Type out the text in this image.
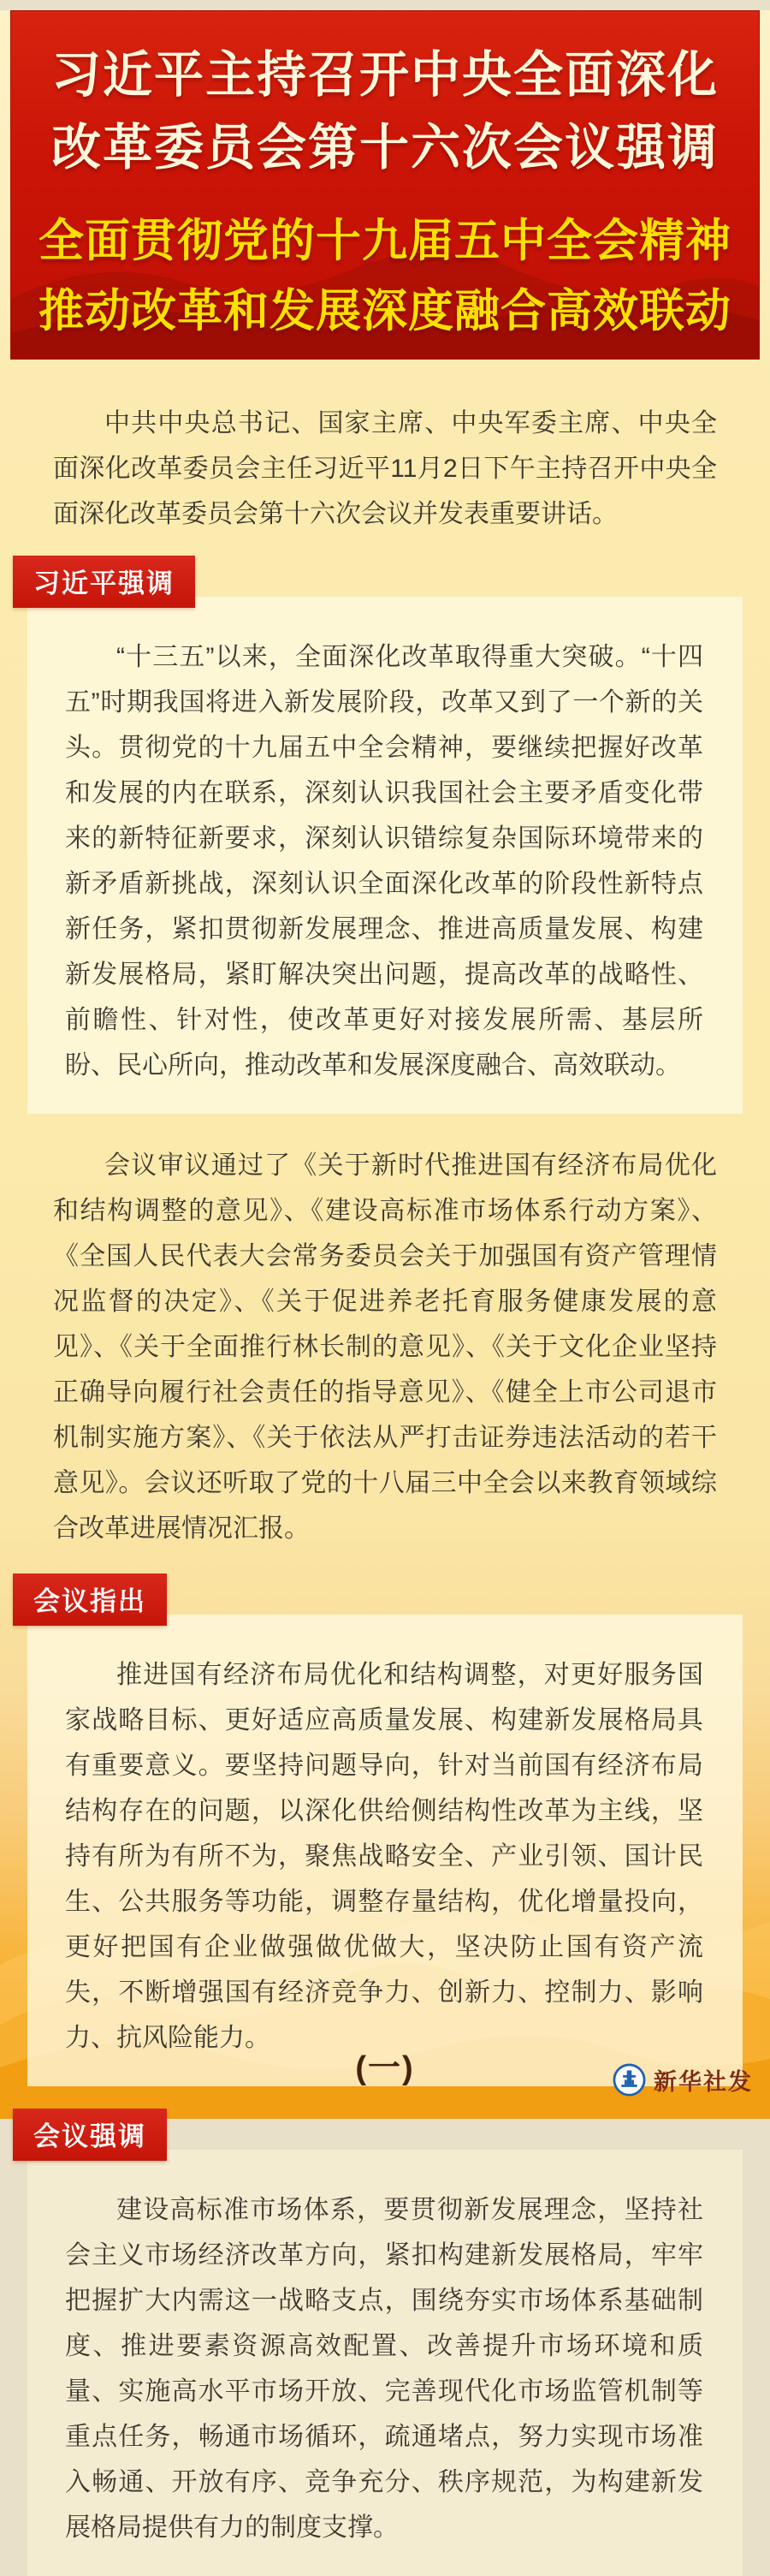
习近平主持召开中央全面深化
改革委员会第十六次会议强调
全面贯彻党的十九届五中全会精神
推动改革和发展深度融合高效联动

中共中央总书记、国家主席、中央军委主席、中央全面深化改革委员会主任习近平11月2日下午主持召开中央全面深化改革委员会第十六次会议并发表重要讲话。

习近平强调

“十三五”以来，全面深化改革取得重大突破。“十四五”时期我国将进入新发展阶段，改革又到了一个新的关头。贯彻党的十九届五中全会精神，要继续把握好改革和发展的内在联系，深刻认识我国社会主要矛盾变化带来的新特征新要求，深刻认识错综复杂国际环境带来的新矛盾新挑战，深刻认识全面深化改革的阶段性新特点新任务，紧扣贯彻新发展理念、推进高质量发展、构建新发展格局，紧盯解决突出问题，提高改革的战略性、前瞻性、针对性，使改革更好对接发展所需、基层所盼、民心所向，推动改革和发展深度融合、高效联动。

会议审议通过了《关于新时代推进国有经济布局优化和结构调整的意见》、《建设高标准市场体系行动方案》、《全国人民代表大会常务委员会关于加强国有资产管理情况监督的决定》、《关于促进养老托育服务健康发展的意见》、《关于全面推行林长制的意见》、《关于文化企业坚持正确导向履行社会责任的指导意见》、《健全上市公司退市机制实施方案》、《关于依法从严打击证券违法活动的若干意见》。会议还听取了党的十八届三中全会以来教育领域综合改革进展情况汇报。

会议指出

推进国有经济布局优化和结构调整，对更好服务国家战略目标、更好适应高质量发展、构建新发展格局具有重要意义。要坚持问题导向，针对当前国有经济布局结构存在的问题，以深化供给侧结构性改革为主线，坚持有所为有所不为，聚焦战略安全、产业引领、国计民生、公共服务等功能，调整存量结构，优化增量投向，更好把国有企业做强做优做大，坚决防止国有资产流失，不断增强国有经济竞争力、创新力、控制力、影响力、抗风险能力。

会议强调

建设高标准市场体系，要贯彻新发展理念，坚持社会主义市场经济改革方向，紧扣构建新发展格局，牢牢把握扩大内需这一战略支点，围绕夯实市场体系基础制度、推进要素资源高效配置、改善提升市场环境和质量、实施高水平市场开放、完善现代化市场监管机制等重点任务，畅通市场循环，疏通堵点，努力实现市场准入畅通、开放有序、竞争充分、秩序规范，为构建新发展格局提供有力的制度支撑。

(一)	新华社发
